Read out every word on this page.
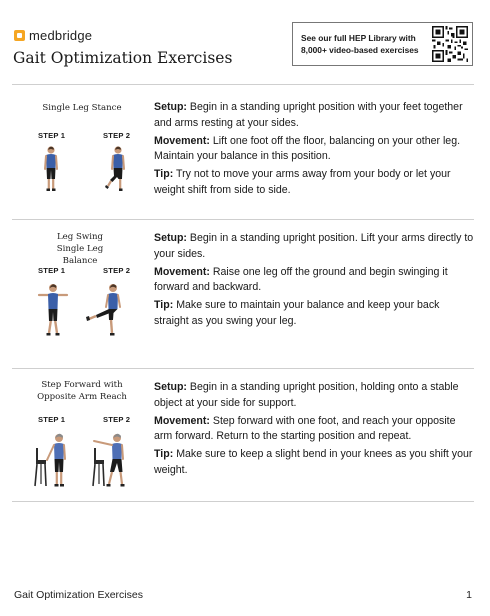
medbridge
Gait Optimization Exercises
See our full HEP Library with 8,000+ video-based exercises
Single Leg Stance
STEP 1	STEP 2

Setup: Begin in a standing upright position with your feet together and arms resting at your sides.

Movement: Lift one foot off the floor, balancing on your other leg. Maintain your balance in this position.

Tip: Try not to move your arms away from your body or let your weight shift from side to side.

Leg Swing Single Leg Balance
STEP 1	STEP 2

Setup: Begin in a standing upright position. Lift your arms directly to your sides.

Movement: Raise one leg off the ground and begin swinging it forward and backward.

Tip: Make sure to maintain your balance and keep your back straight as you swing your leg.

Step Forward with Opposite Arm Reach
STEP 1	STEP 2

Setup: Begin in a standing upright position, holding onto a stable object at your side for support.

Movement: Step forward with one foot, and reach your opposite arm forward. Return to the starting position and repeat.

Tip: Make sure to keep a slight bend in your knees as you shift your weight.

Gait Optimization Exercises	1
